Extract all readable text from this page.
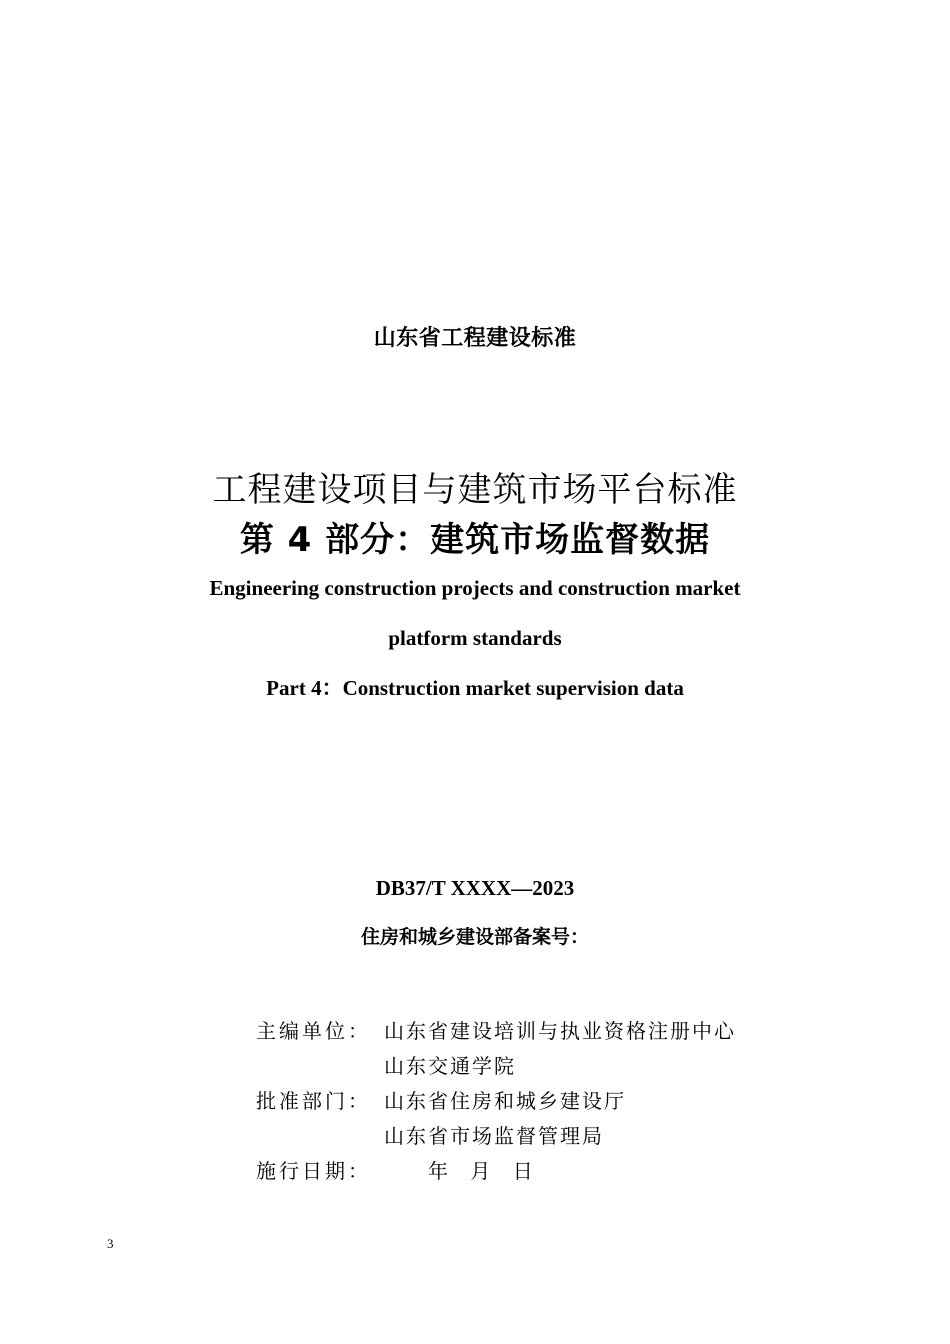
山东省工程建设标准
工程建设项目与建筑市场平台标准
第 4 部分：建筑市场监督数据
Engineering construction projects and construction market
platform standards
Part 4：Construction market supervision data
DB37/T XXXX—2023
住房和城乡建设部备案号：
主编单位： 山东省建设培训与执业资格注册中心
山东交通学院
批准部门： 山东省住房和城乡建设厅
山东省市场监督管理局
施行日期：	年 月 日
3
